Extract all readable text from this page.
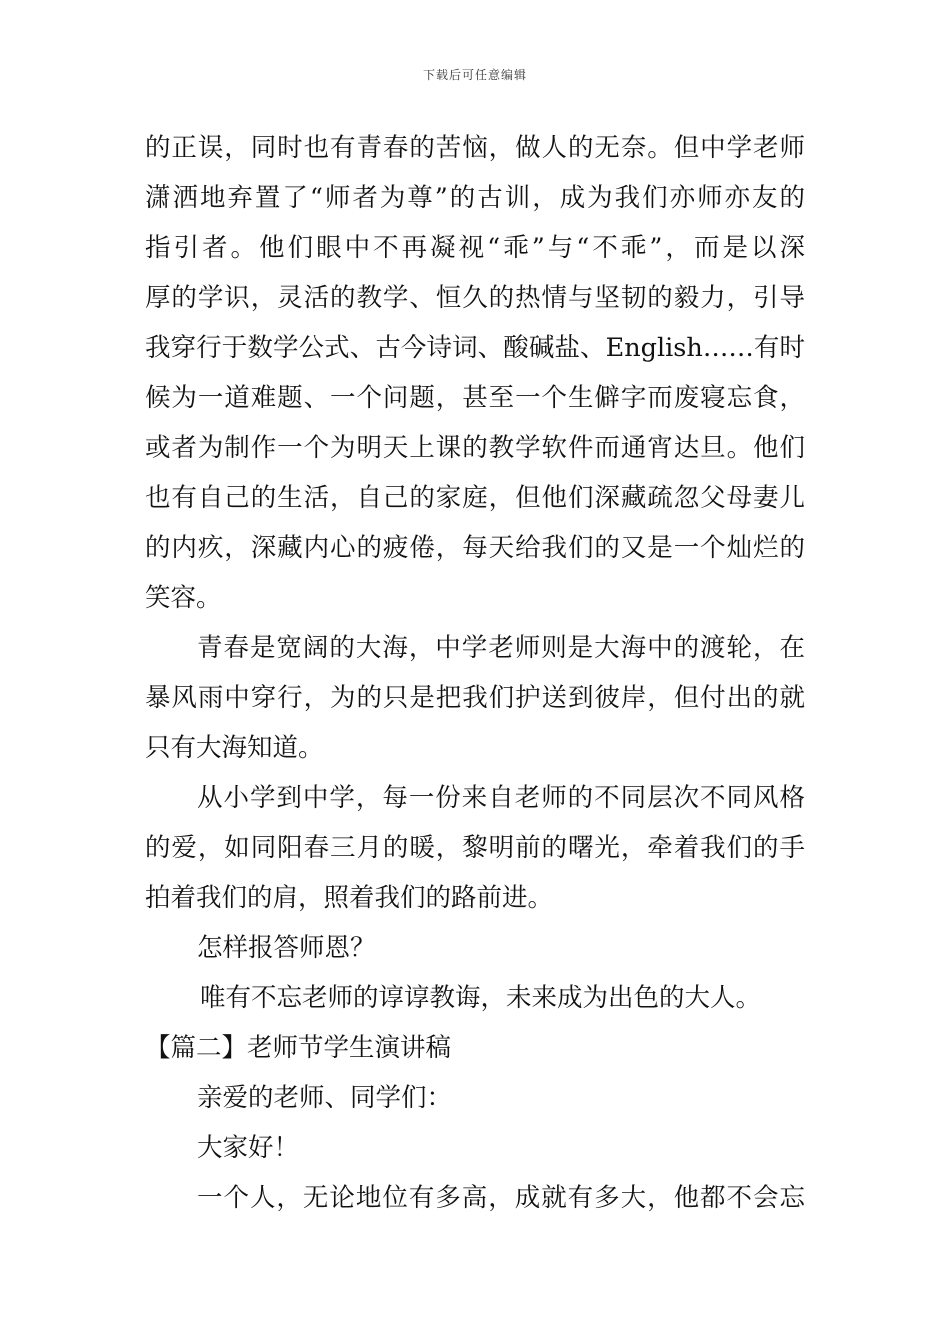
下载后可任意编辑
的正误，同时也有青春的苦恼，做人的无奈。但中学老师
潇洒地弃置了“师者为尊”的古训，成为我们亦师亦友的
指引者。他们眼中不再凝视“乖”与“不乖”，而是以深
厚的学识，灵活的教学、恒久的热情与坚韧的毅力，引导
我穿行于数学公式、古今诗词、酸碱盐、English……有时
候为一道难题、一个问题，甚至一个生僻字而废寝忘食，
或者为制作一个为明天上课的教学软件而通宵达旦。他们
也有自己的生活，自己的家庭，但他们深藏疏忽父母妻儿
的内疚，深藏内心的疲倦，每天给我们的又是一个灿烂的
笑容。
青春是宽阔的大海，中学老师则是大海中的渡轮，在
暴风雨中穿行，为的只是把我们护送到彼岸，但付出的就
只有大海知道。
从小学到中学，每一份来自老师的不同层次不同风格
的爱，如同阳春三月的暖，黎明前的曙光，牵着我们的手
拍着我们的肩，照着我们的路前进。
怎样报答师恩？
唯有不忘老师的谆谆教诲，未来成为出色的大人。
【篇二】老师节学生演讲稿
亲爱的老师、同学们：
大家好！
一个人，无论地位有多高，成就有多大，他都不会忘
